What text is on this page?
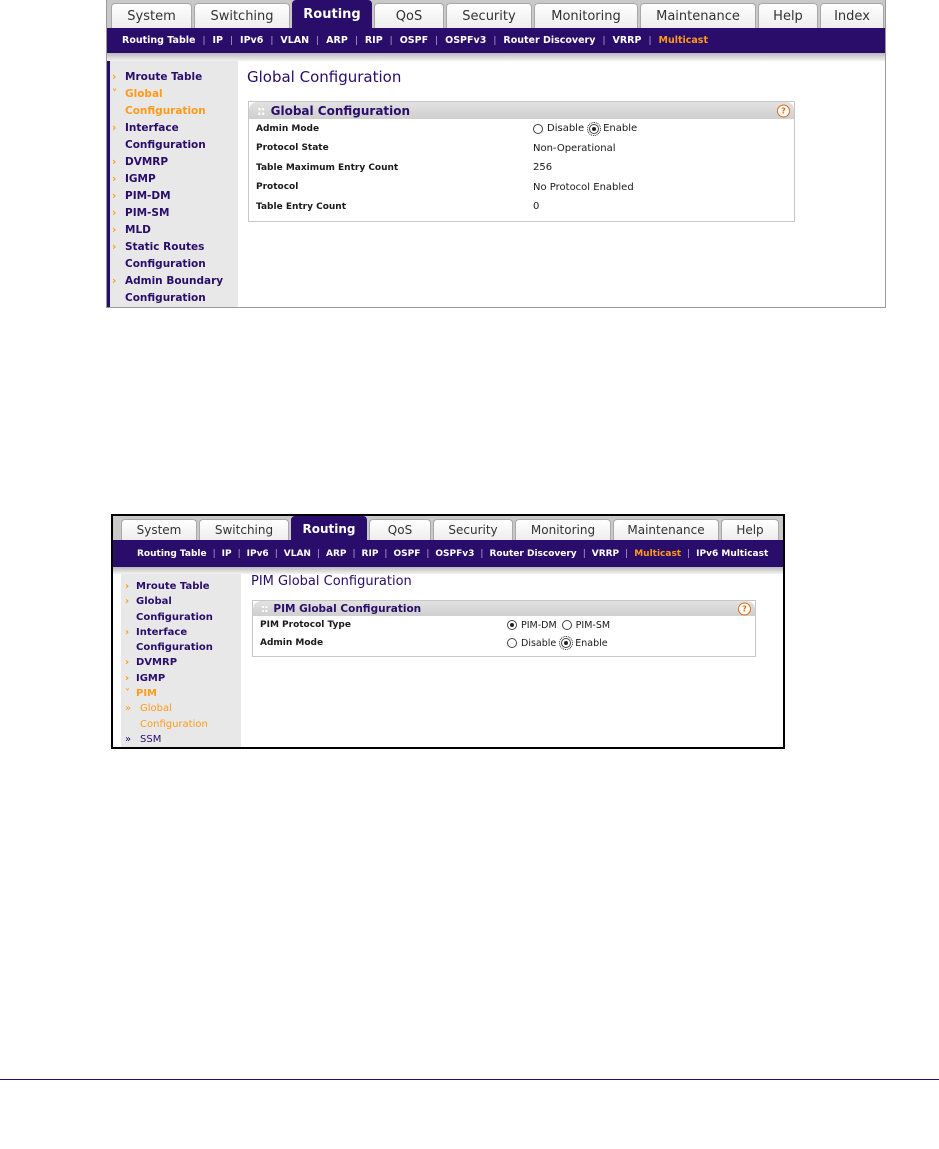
System	Switching	Routing	QoS	Security	Monitoring	Maintenance	Help	Index
Routing Table | IP | IPv6 | VLAN | ARP | RIP | OSPF | OSPFv3 | Router Discovery | VRRP | Multicast
› Mroute Table
˅ Global Configuration
› Interface Configuration
› DVMRP
› IGMP
› PIM-DM
› PIM-SM
› MLD
› Static Routes Configuration
› Admin Boundary Configuration
Global Configuration
:: Global Configuration	?
Admin Mode	Disable Enable
Protocol State	Non-Operational
Table Maximum Entry Count	256
Protocol	No Protocol Enabled
Table Entry Count	0
System	Switching	Routing	QoS	Security	Monitoring	Maintenance	Help
Routing Table | IP | IPv6 | VLAN | ARP | RIP | OSPF | OSPFv3 | Router Discovery | VRRP | Multicast | IPv6 Multicast
› Mroute Table
› Global Configuration
› Interface Configuration
› DVMRP
› IGMP
˅ PIM
» Global Configuration
» SSM
PIM Global Configuration
:: PIM Global Configuration	?
PIM Protocol Type	PIM-DM PIM-SM
Admin Mode	Disable Enable
